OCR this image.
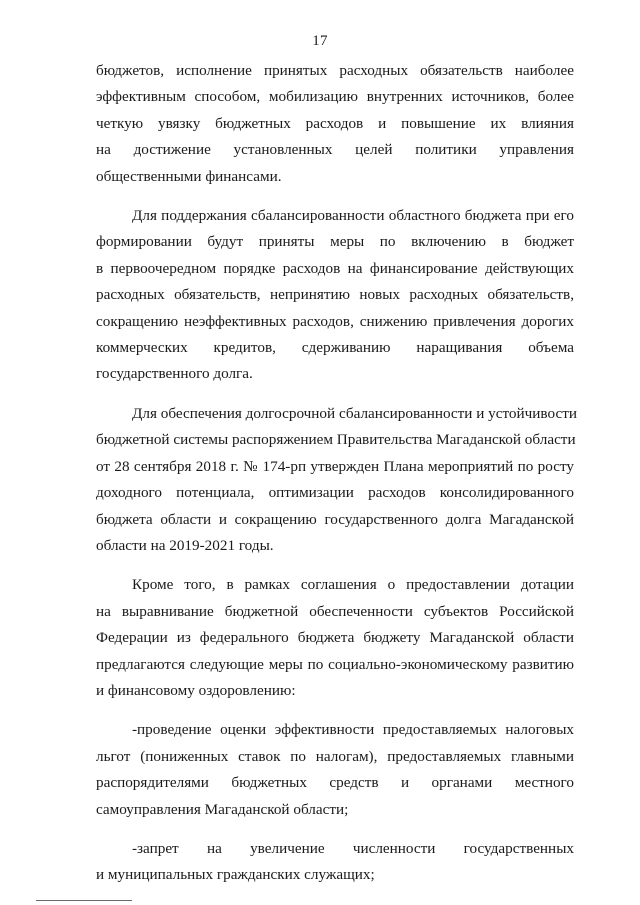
17

бюджетов, исполнение принятых расходных обязательств наиболее
эффективным способом, мобилизацию внутренних источников, более
четкую увязку бюджетных расходов и повышение их влияния
на достижение установленных целей политики управления
общественными финансами.

Для поддержания сбалансированности областного бюджета при его
формировании будут приняты меры по включению в бюджет
в первоочередном порядке расходов на финансирование действующих
расходных обязательств, непринятию новых расходных обязательств,
сокращению неэффективных расходов, снижению привлечения дорогих
коммерческих кредитов, сдерживанию наращивания объема
государственного долга.

Для обеспечения долгосрочной сбалансированности и устойчивости
бюджетной системы распоряжением Правительства Магаданской области
от 28 сентября 2018 г. № 174-рп утвержден Плана мероприятий по росту
доходного потенциала, оптимизации расходов консолидированного
бюджета области и сокращению государственного долга Магаданской
области на 2019-2021 годы.

Кроме того, в рамках соглашения о предоставлении дотации
на выравнивание бюджетной обеспеченности субъектов Российской
Федерации из федерального бюджета бюджету Магаданской области
предлагаются следующие меры по социально-экономическому развитию
и финансовому оздоровлению:

-проведение оценки эффективности предоставляемых налоговых
льгот (пониженных ставок по налогам), предоставляемых главными
распорядителями бюджетных средств и органами местного
самоуправления Магаданской области;

-запрет на увеличение численности государственных
и муниципальных гражданских служащих;
